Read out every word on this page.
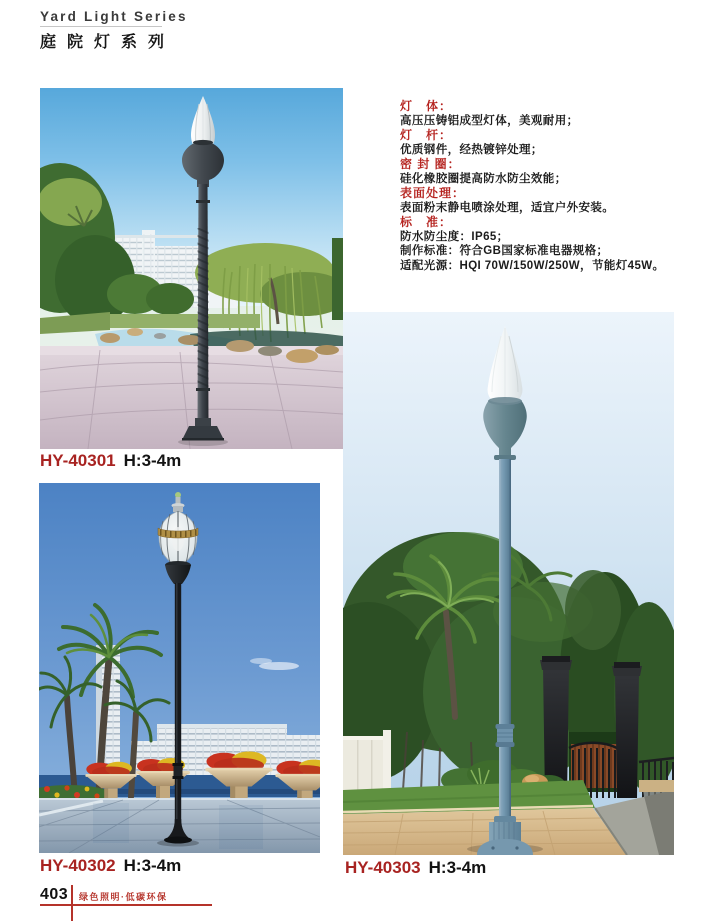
Yard Light Series
庭院灯系列
HY-40301 H:3-4m
HY-40302 H:3-4m	HY-40303 H:3-4m
灯　体：
高压压铸铝成型灯体，美观耐用；
灯　杆：
优质钢件，经热镀锌处理；
密 封 圈：
硅化橡胶圈提高防水防尘效能；
表面处理：
表面粉末静电喷涂处理，适宜户外安装。
标　准：
防水防尘度：IP65；
制作标准：符合GB国家标准电器规格；
适配光源：HQI 70W/150W/250W，节能灯45W。
403 绿色照明·低碳环保
